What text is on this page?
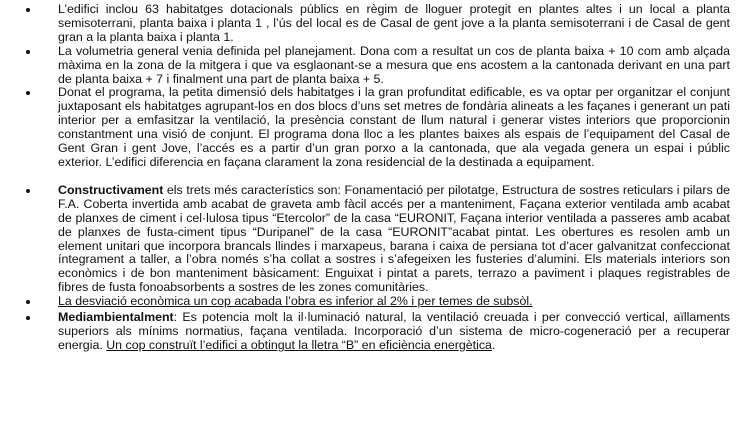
L’edifici inclou 63 habitatges dotacionals públics en règim de lloguer protegit en plantes altes i un local a planta semisoterrani, planta baixa i planta 1 , l’ús del local es de Casal de gent jove a la planta semisoterrani i de Casal de gent gran a la planta baixa i planta 1.
La volumetria general venia definida pel planejament. Dona com a resultat un cos de planta baixa + 10 com amb alçada màxima en la zona de la mitgera i que va esglaonant-se a mesura que ens acostem a la cantonada derivant en una part de planta baixa + 7 i finalment una part de planta baixa + 5.
Donat el programa, la petita dimensió dels habitatges i la gran profunditat edificable, es va optar per organitzar el conjunt juxtaposant els habitatges agrupant-los en dos blocs d’uns set metres de fondària alineats a les façanes i generant un pati interior per a emfasitzar la ventilació, la presència constant de llum natural i generar vistes interiors que proporcionin constantment una visió de conjunt. El programa dona lloc a les plantes baixes als espais de l’equipament del Casal de Gent Gran i gent Jove, l’accés es a partir d’un gran porxo a la cantonada, que ala vegada genera un espai i públic exterior. L’edifici diferencia en façana clarament la zona residencial de la destinada a equipament.
Constructivament els trets més característics son: Fonamentació per pilotatge, Estructura de sostres reticulars i pilars de F.A. Coberta invertida amb acabat de graveta amb fàcil accés per a manteniment, Façana exterior ventilada amb acabat de planxes de ciment i cel·lulosa tipus “Etercolor” de la casa “EURONIT, Façana interior ventilada a passeres amb acabat de planxes de fusta-ciment tipus “Duripanel” de la casa “EURONIT”acabat pintat. Les obertures es resolen amb un element unitari que incorpora brancals llindes i marxapeus, barana i caixa de persiana tot d’acer galvanitzat confeccionat íntegrament a taller, a l’obra només s’ha collat a sostres i s’afegeixen les fusteries d’alumini. Els materials interiors son econòmics i de bon manteniment bàsicament: Enguixat i pintat a parets, terrazo a paviment i plaques registrables de fibres de fusta fonoabsorbents a sostres de les zones comunitàries.
La desviació econòmica un cop acabada l’obra es inferior al 2% i per temes de subsòl.
Mediambientalment: Es potencia molt la il·luminació natural, la ventilació creuada i per convecció vertical, aïllaments superiors als mínims normatius, façana ventilada. Incorporació d’un sistema de micro-cogeneració per a recuperar energia. Un cop construït l’edifici a obtingut la lletra “B” en eficiència energètica.
